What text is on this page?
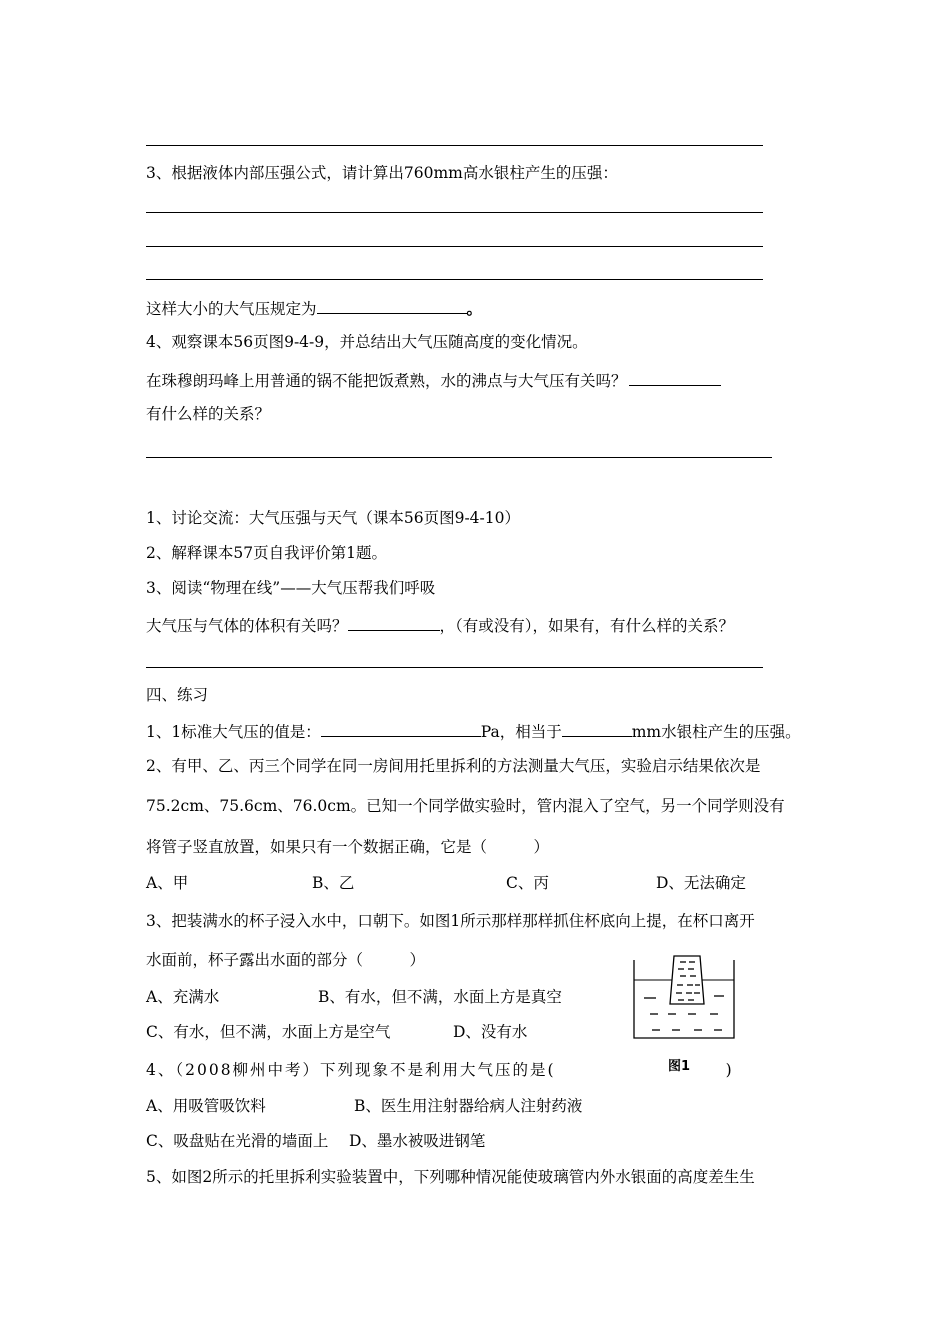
3、根据液体内部压强公式，请计算出760mm高水银柱产生的压强：
这样大小的大气压规定为	。
4、观察课本56页图9-4-9，并总结出大气压随高度的变化情况。
在珠穆朗玛峰上用普通的锅不能把饭煮熟，水的沸点与大气压有关吗？
有什么样的关系？
1、讨论交流：大气压强与天气（课本56页图9-4-10）
2、解释课本57页自我评价第1题。
3、阅读“物理在线”——大气压帮我们呼吸
大气压与气体的体积有关吗？	，（有或没有），如果有，有什么样的关系？
四、练习
1、1标准大气压的值是：	Pa，相当于	mm水银柱产生的压强。
2、有甲、乙、丙三个同学在同一房间用托里拆利的方法测量大气压，实验启示结果依次是
75.2cm、75.6cm、76.0cm。已知一个同学做实验时，管内混入了空气，另一个同学则没有
将管子竖直放置，如果只有一个数据正确，它是（　　　）
A、甲	B、乙	C、丙	D、无法确定
3、把装满水的杯子浸入水中，口朝下。如图1所示那样那样抓住杯底向上提，在杯口离开
水面前，杯子露出水面的部分（　　　）
A、充满水	B、有水，但不满，水面上方是真空
C、有水，但不满，水面上方是空气	D、没有水
图1
4、（2008柳州中考）下列现象不是利用大气压的是(	)
A、用吸管吸饮料	B、医生用注射器给病人注射药液
C、吸盘贴在光滑的墙面上 D、墨水被吸进钢笔
5、如图2所示的托里拆利实验装置中，下列哪种情况能使玻璃管内外水银面的高度差生生
